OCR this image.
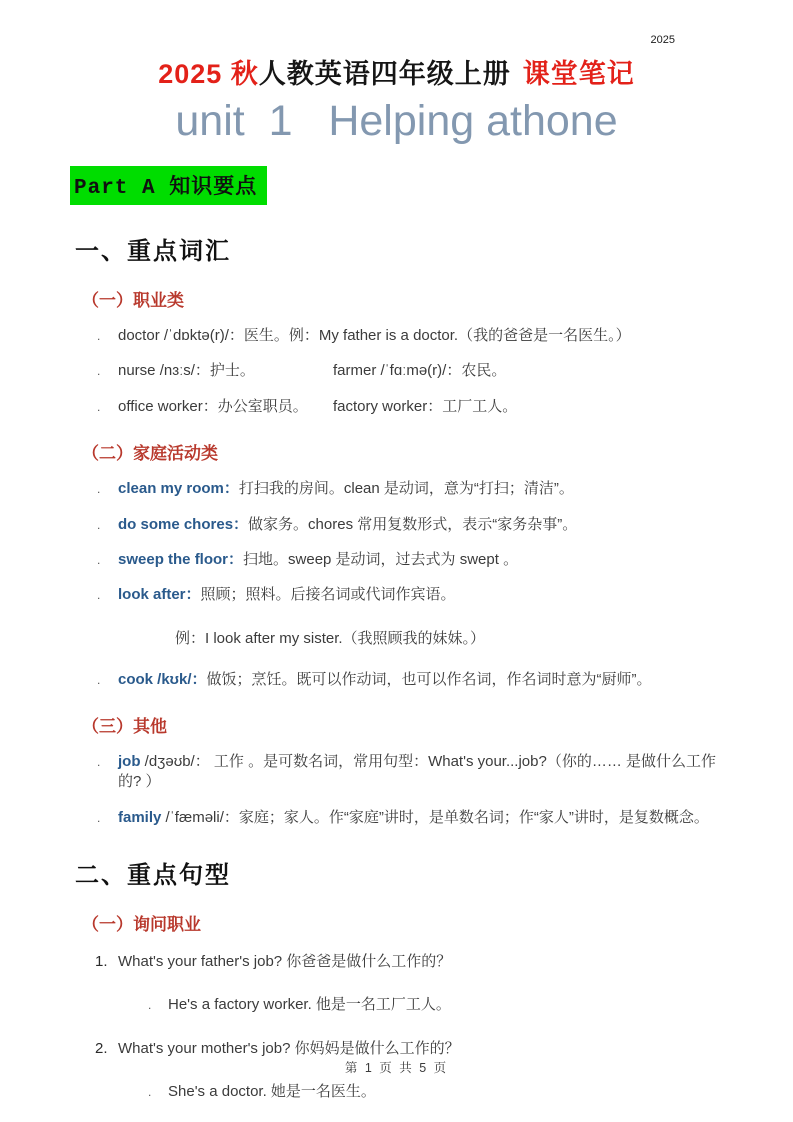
2025
2025 秋人教英语四年级上册 课堂笔记
unit  1   Helping athone
Part A 知识要点
一、重点词汇
（一）职业类
.	doctor /ˈdɒktə(r)/：医生。例：My father is a doctor.（我的爸爸是一名医生。）
.	nurse /nɜːs/：护士。	farmer /ˈfɑːmə(r)/：农民。
.	office worker：办公室职员。 factory worker：工厂工人。
（二）家庭活动类
.	clean my room：打扫我的房间。clean 是动词，意为“打扫；清洁”。
.	do some chores：做家务。chores 常用复数形式，表示“家务杂事”。
.	sweep the floor：扫地。sweep 是动词，过去式为 swept 。
.	look after：照顾；照料。后接名词或代词作宾语。
例：I look after my sister.（我照顾我的妹妹。）
.	cook /kʊk/：做饭；烹饪。既可以作动词，也可以作名词，作名词时意为“厨师”。
（三）其他
.	job /dʒəʊb/： 工作 。是可数名词，常用句型：What's your...job?（你的…… 是做什么工作的? ）
.	family /ˈfæməli/：家庭；家人。作“家庭”讲时，是单数名词；作“家人”讲时，是复数概念。
二、重点句型
（一）询问职业
1. What's your father's job? 你爸爸是做什么工作的？
.	He's a factory worker. 他是一名工厂工人。
2. What's your mother's job? 你妈妈是做什么工作的？
.	She's a doctor. 她是一名医生。
第 1 页 共 5 页
